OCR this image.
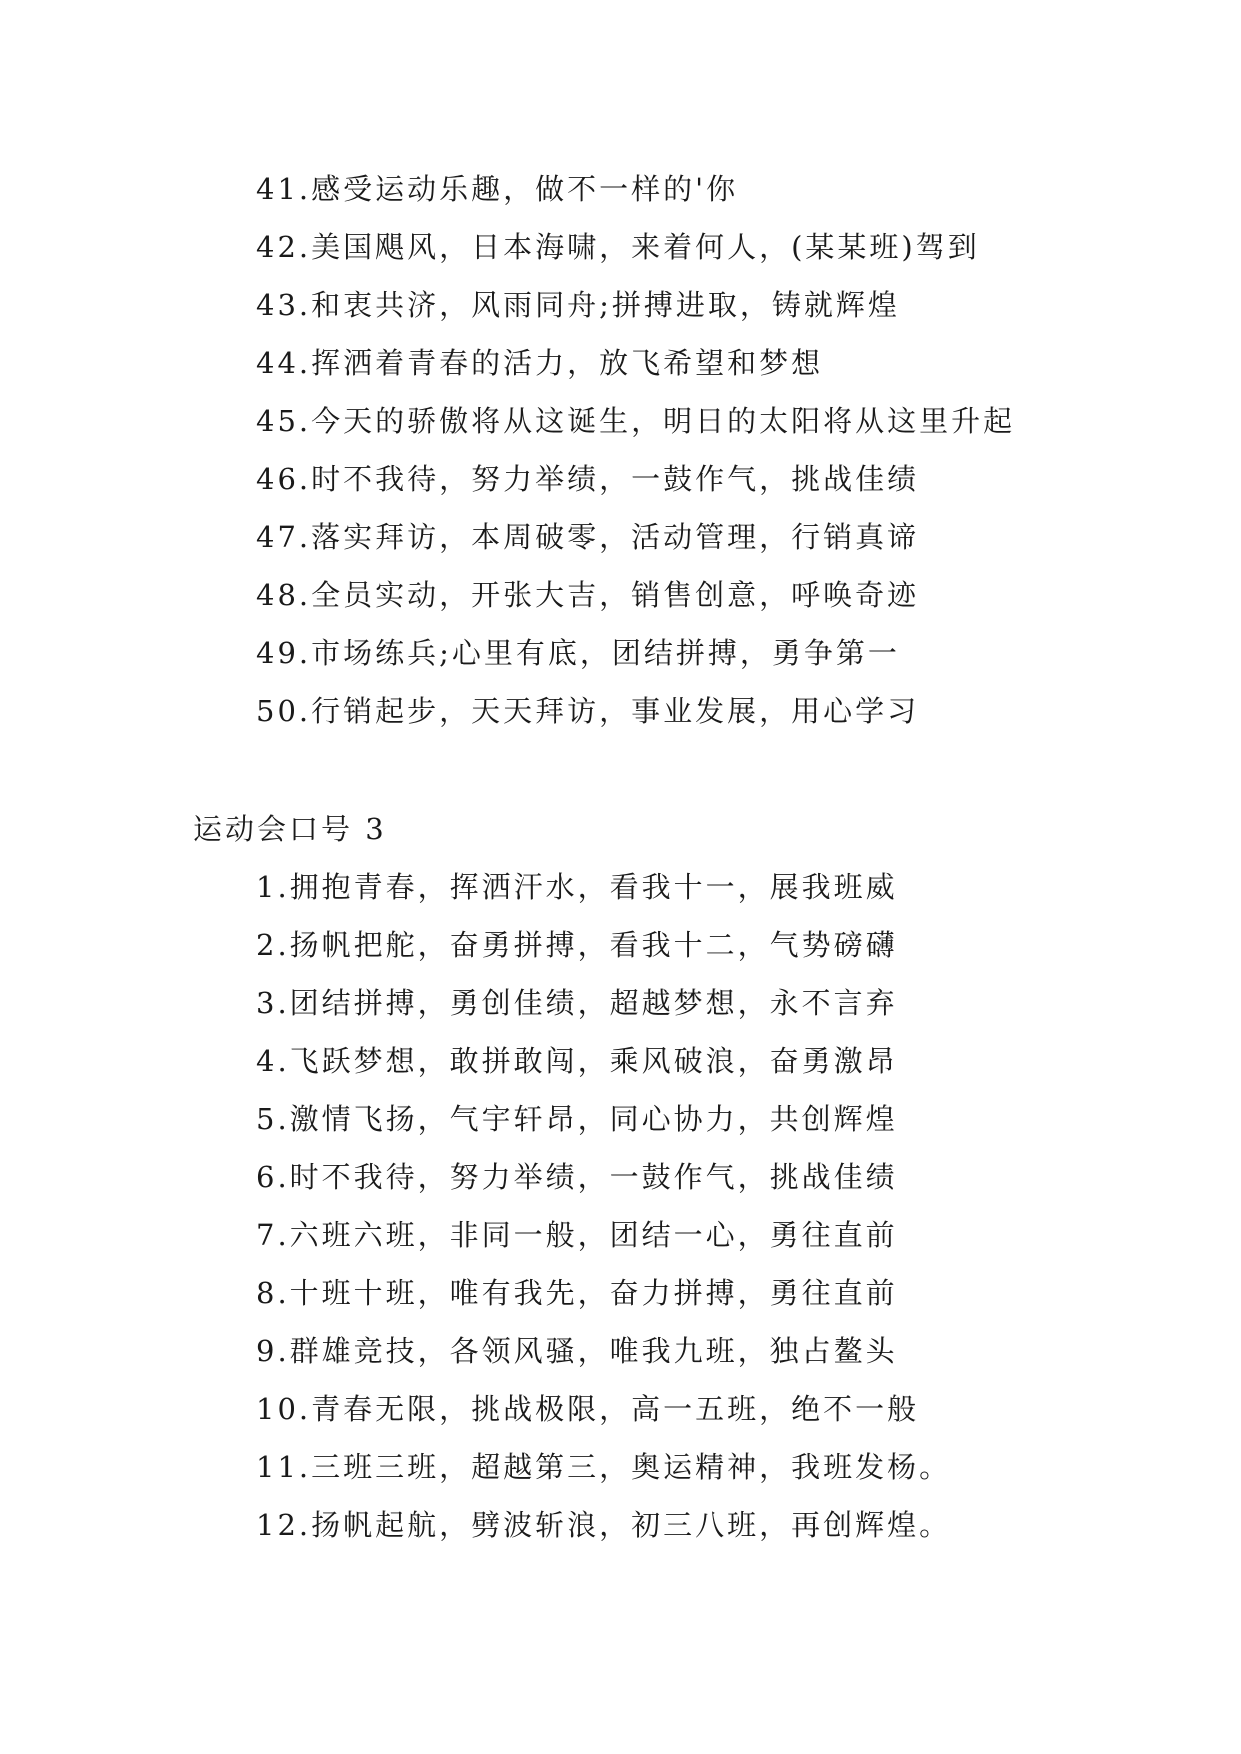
41.感受运动乐趣，做不一样的'你
42.美国飓风，日本海啸，来着何人，(某某班)驾到
43.和衷共济，风雨同舟;拼搏进取，铸就辉煌
44.挥洒着青春的活力，放飞希望和梦想
45.今天的骄傲将从这诞生，明日的太阳将从这里升起
46.时不我待，努力举绩，一鼓作气，挑战佳绩
47.落实拜访，本周破零，活动管理，行销真谛
48.全员实动，开张大吉，销售创意，呼唤奇迹
49.市场练兵;心里有底，团结拼搏，勇争第一
50.行销起步，天天拜访，事业发展，用心学习
运动会口号 3
1.拥抱青春，挥洒汗水，看我十一，展我班威
2.扬帆把舵，奋勇拼搏，看我十二，气势磅礴
3.团结拼搏，勇创佳绩，超越梦想，永不言弃
4.飞跃梦想，敢拼敢闯，乘风破浪，奋勇激昂
5.激情飞扬，气宇轩昂，同心协力，共创辉煌
6.时不我待，努力举绩，一鼓作气，挑战佳绩
7.六班六班，非同一般，团结一心，勇往直前
8.十班十班，唯有我先，奋力拼搏，勇往直前
9.群雄竞技，各领风骚，唯我九班，独占鳌头
10.青春无限，挑战极限，高一五班，绝不一般
11.三班三班，超越第三，奥运精神，我班发杨。
12.扬帆起航，劈波斩浪，初三八班，再创辉煌。
